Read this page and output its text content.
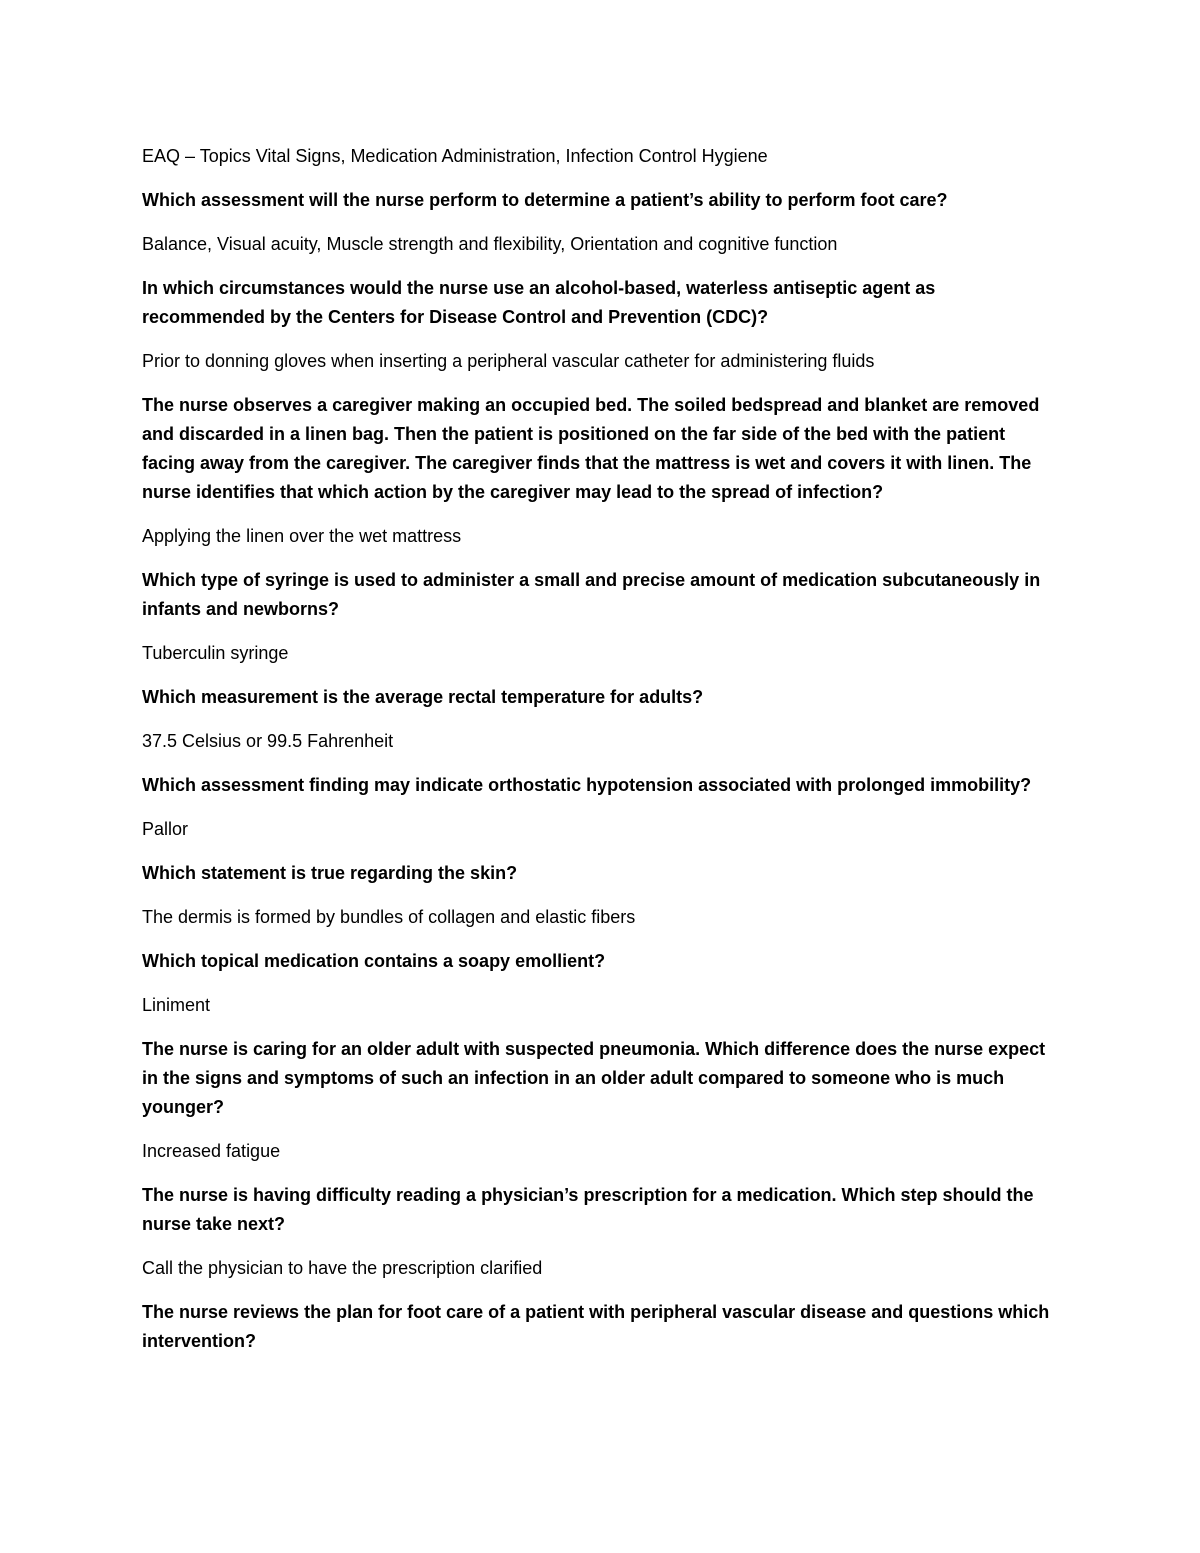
EAQ – Topics Vital Signs, Medication Administration, Infection Control Hygiene

Which assessment will the nurse perform to determine a patient’s ability to perform foot care?

Balance, Visual acuity, Muscle strength and flexibility, Orientation and cognitive function

In which circumstances would the nurse use an alcohol-based, waterless antiseptic agent as recommended by the Centers for Disease Control and Prevention (CDC)?

Prior to donning gloves when inserting a peripheral vascular catheter for administering fluids

The nurse observes a caregiver making an occupied bed. The soiled bedspread and blanket are removed and discarded in a linen bag. Then the patient is positioned on the far side of the bed with the patient facing away from the caregiver. The caregiver finds that the mattress is wet and covers it with linen. The nurse identifies that which action by the caregiver may lead to the spread of infection?

Applying the linen over the wet mattress

Which type of syringe is used to administer a small and precise amount of medication subcutaneously in infants and newborns?

Tuberculin syringe

Which measurement is the average rectal temperature for adults?

37.5 Celsius or 99.5 Fahrenheit

Which assessment finding may indicate orthostatic hypotension associated with prolonged immobility?

Pallor

Which statement is true regarding the skin?

The dermis is formed by bundles of collagen and elastic fibers

Which topical medication contains a soapy emollient?

Liniment

The nurse is caring for an older adult with suspected pneumonia. Which difference does the nurse expect in the signs and symptoms of such an infection in an older adult compared to someone who is much younger?

Increased fatigue

The nurse is having difficulty reading a physician’s prescription for a medication. Which step should the nurse take next?

Call the physician to have the prescription clarified

The nurse reviews the plan for foot care of a patient with peripheral vascular disease and questions which intervention?
